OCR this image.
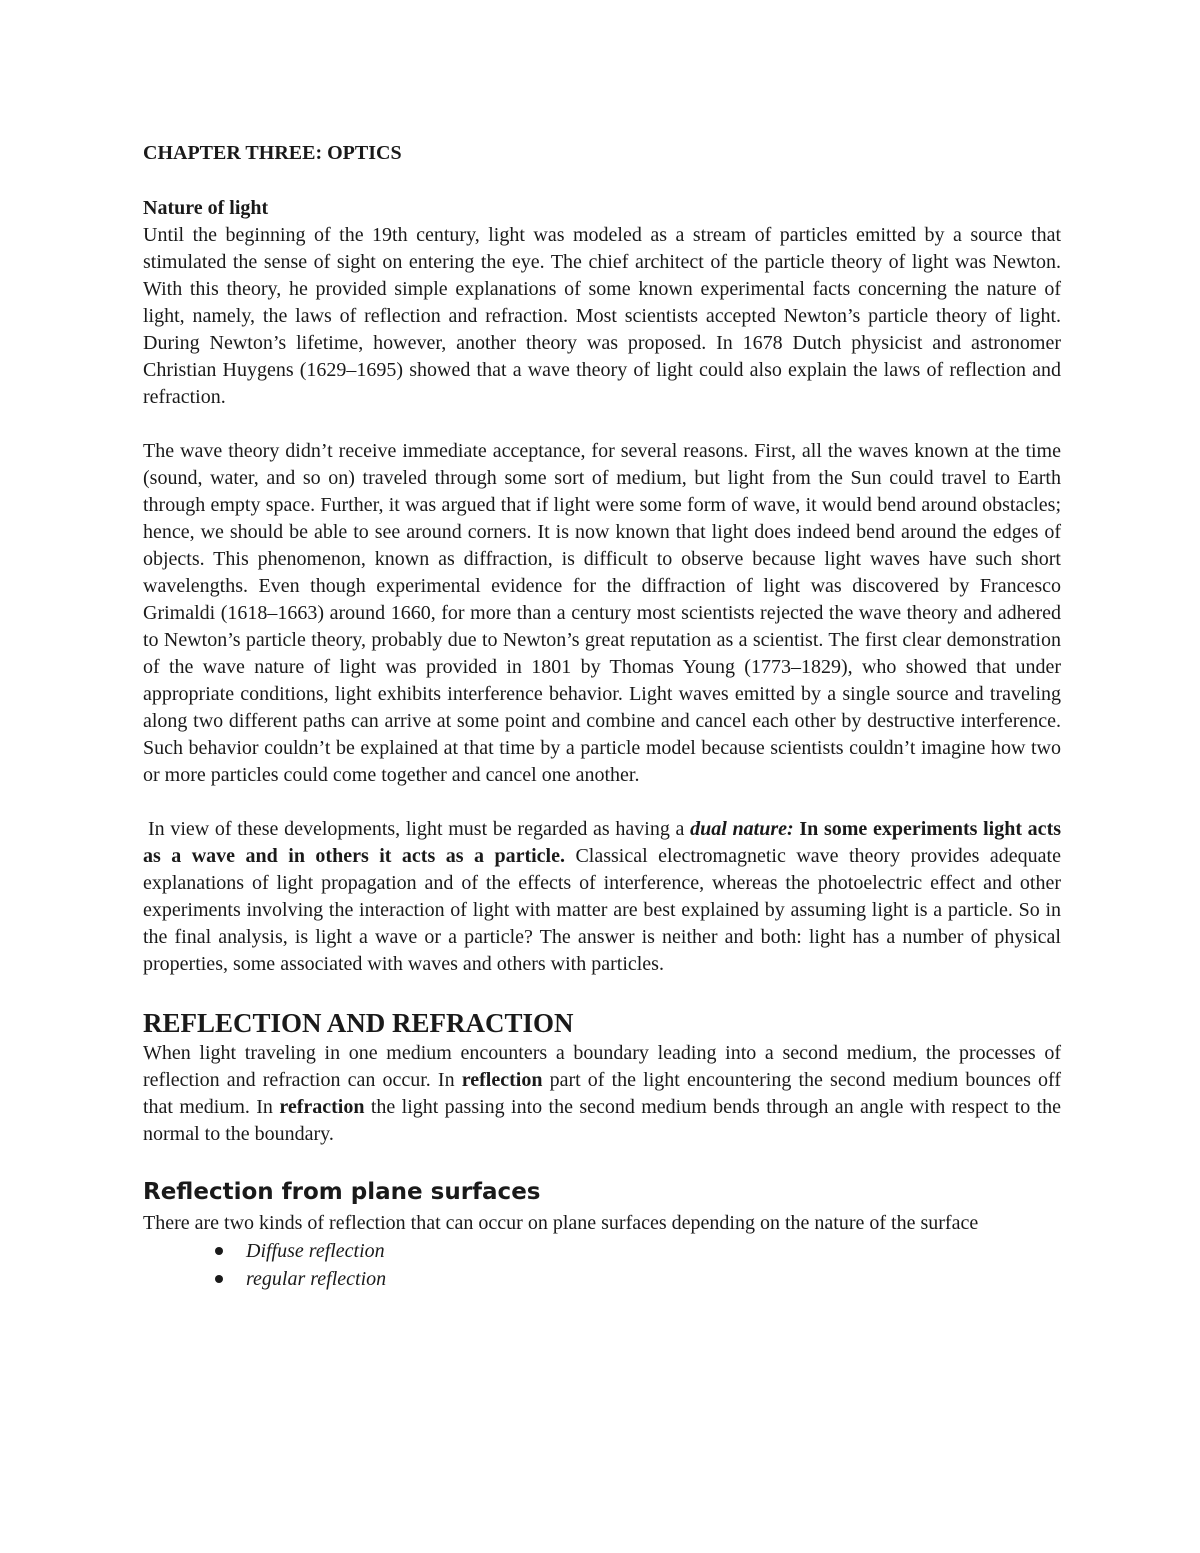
CHAPTER THREE: OPTICS
Nature of light

Until the beginning of the 19th century, light was modeled as a stream of particles emitted by a source that stimulated the sense of sight on entering the eye. The chief architect of the particle theory of light was Newton. With this theory, he provided simple explanations of some known experimental facts concerning the nature of light, namely, the laws of reflection and refraction. Most scientists accepted Newton’s particle theory of light. During Newton’s lifetime, however, another theory was proposed. In 1678 Dutch physicist and astronomer Christian Huygens (1629–1695) showed that a wave theory of light could also explain the laws of reflection and refraction.

The wave theory didn’t receive immediate acceptance, for several reasons. First, all the waves known at the time (sound, water, and so on) traveled through some sort of medium, but light from the Sun could travel to Earth through empty space. Further, it was argued that if light were some form of wave, it would bend around obstacles; hence, we should be able to see around corners. It is now known that light does indeed bend around the edges of objects. This phenomenon, known as diffraction, is difficult to observe because light waves have such short wavelengths. Even though experimental evidence for the diffraction of light was discovered by Francesco Grimaldi (1618–1663) around 1660, for more than a century most scientists rejected the wave theory and adhered to Newton’s particle theory, probably due to Newton’s great reputation as a scientist. The first clear demonstration of the wave nature of light was provided in 1801 by Thomas Young (1773–1829), who showed that under appropriate conditions, light exhibits interference behavior. Light waves emitted by a single source and traveling along two different paths can arrive at some point and combine and cancel each other by destructive interference. Such behavior couldn’t be explained at that time by a particle model because scientists couldn’t imagine how two or more particles could come together and cancel one another.

In view of these developments, light must be regarded as having a dual nature: In some experiments light acts as a wave and in others it acts as a particle. Classical electromagnetic wave theory provides adequate explanations of light propagation and of the effects of interference, whereas the photoelectric effect and other experiments involving the interaction of light with matter are best explained by assuming light is a particle. So in the final analysis, is light a wave or a particle? The answer is neither and both: light has a number of physical properties, some associated with waves and others with particles.

REFLECTION AND REFRACTION

When light traveling in one medium encounters a boundary leading into a second medium, the processes of reflection and refraction can occur. In reflection part of the light encountering the second medium bounces off that medium. In refraction the light passing into the second medium bends through an angle with respect to the normal to the boundary.

Reflection from plane surfaces

There are two kinds of reflection that can occur on plane surfaces depending on the nature of the surface

Diffuse reflection
regular reflection
